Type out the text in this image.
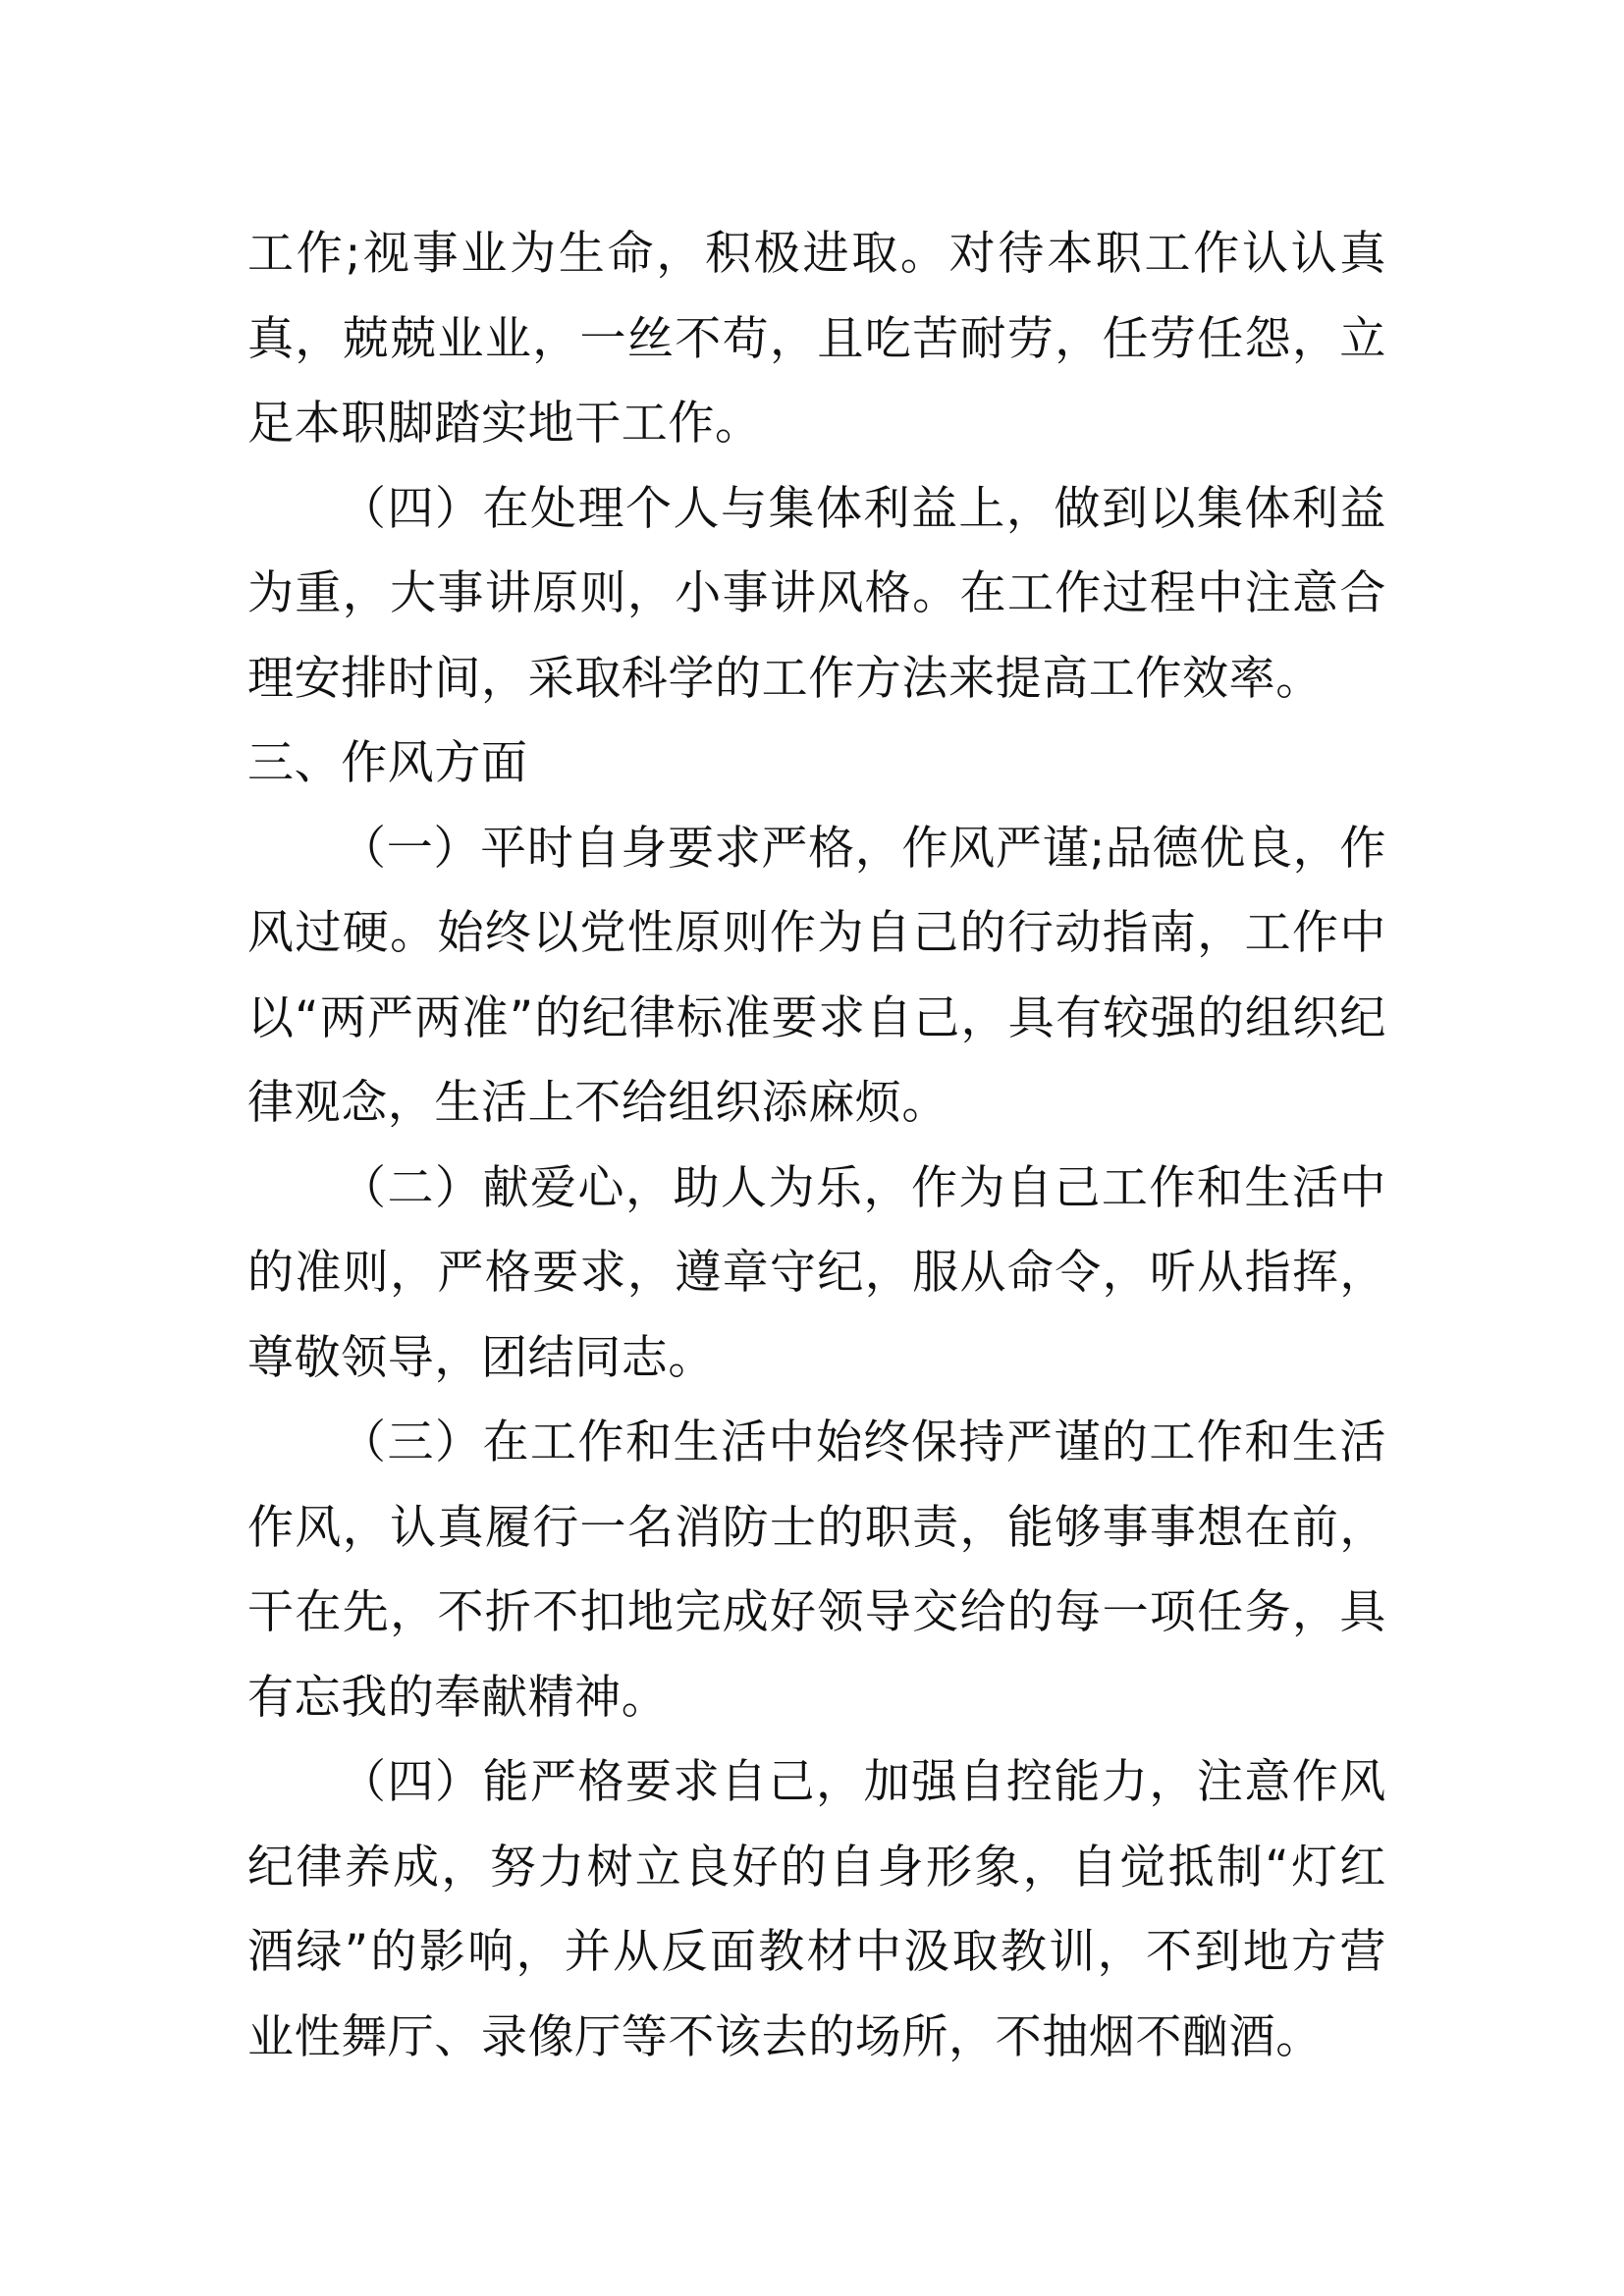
工作;视事业为生命，积极进取。对待本职工作认认真真，兢兢业业，一丝不苟，且吃苦耐劳，任劳任怨，立足本职脚踏实地干工作。

（四）在处理个人与集体利益上，做到以集体利益为重，大事讲原则，小事讲风格。在工作过程中注意合理安排时间，采取科学的工作方法来提高工作效率。

三、作风方面

（一）平时自身要求严格，作风严谨;品德优良，作风过硬。始终以党性原则作为自己的行动指南，工作中以“两严两准”的纪律标准要求自己，具有较强的组织纪律观念，生活上不给组织添麻烦。

（二）献爱心，助人为乐，作为自己工作和生活中的准则，严格要求，遵章守纪，服从命令，听从指挥，尊敬领导，团结同志。

（三）在工作和生活中始终保持严谨的工作和生活作风，认真履行一名消防士的职责，能够事事想在前，干在先，不折不扣地完成好领导交给的每一项任务，具有忘我的奉献精神。

（四）能严格要求自己，加强自控能力，注意作风纪律养成，努力树立良好的自身形象，自觉抵制“灯红酒绿”的影响，并从反面教材中汲取教训，不到地方营业性舞厅、录像厅等不该去的场所，不抽烟不酗酒。
